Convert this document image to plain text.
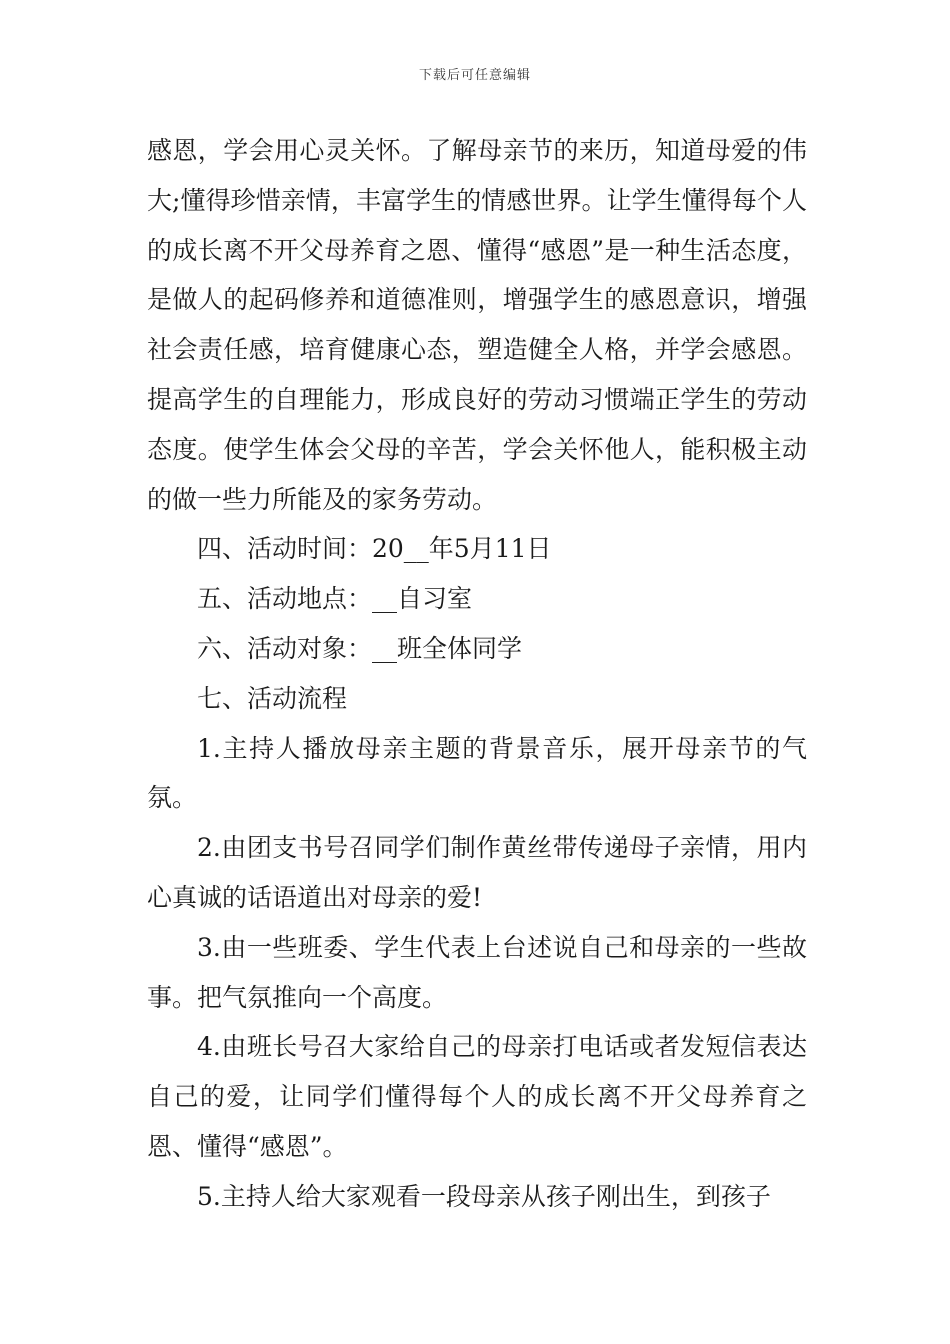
下载后可任意编辑

感恩，学会用心灵关怀。了解母亲节的来历，知道母爱的伟大;懂得珍惜亲情，丰富学生的情感世界。让学生懂得每个人的成长离不开父母养育之恩、懂得“感恩”是一种生活态度，是做人的起码修养和道德准则，增强学生的感恩意识，增强社会责任感，培育健康心态，塑造健全人格，并学会感恩。提高学生的自理能力，形成良好的劳动习惯端正学生的劳动态度。使学生体会父母的辛苦，学会关怀他人，能积极主动的做一些力所能及的家务劳动。

四、活动时间：20__年5月11日

五、活动地点：__自习室

六、活动对象：__班全体同学

七、活动流程

1.主持人播放母亲主题的背景音乐，展开母亲节的气氛。

2.由团支书号召同学们制作黄丝带传递母子亲情，用内心真诚的话语道出对母亲的爱!

3.由一些班委、学生代表上台述说自己和母亲的一些故事。把气氛推向一个高度。

4.由班长号召大家给自己的母亲打电话或者发短信表达自己的爱，让同学们懂得每个人的成长离不开父母养育之恩、懂得“感恩”。

5.主持人给大家观看一段母亲从孩子刚出生，到孩子
